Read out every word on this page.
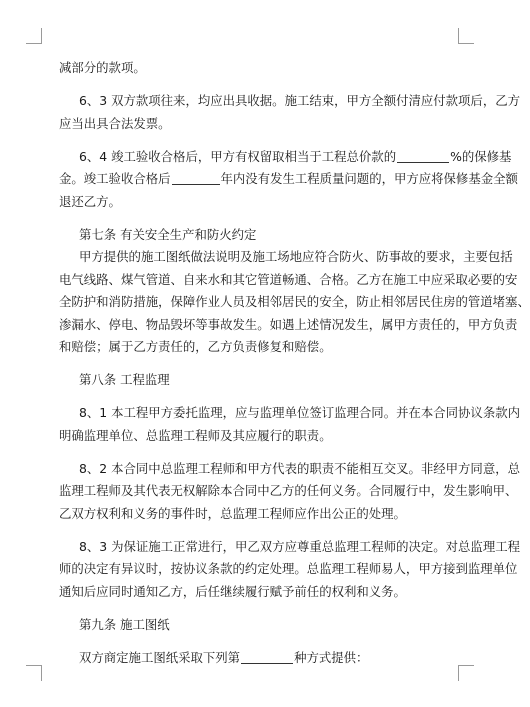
减部分的款项。
6、3 双方款项往来，均应出具收据。施工结束，甲方全额付清应付款项后，乙方
应当出具合法发票。
6、4 竣工验收合格后，甲方有权留取相当于工程总价款的	%的保修基
金。竣工验收合格后	年内没有发生工程质量问题的，甲方应将保修基金全额
退还乙方。
第七条 有关安全生产和防火约定
甲方提供的施工图纸做法说明及施工场地应符合防火、防事故的要求，主要包括
电气线路、煤气管道、自来水和其它管道畅通、合格。乙方在施工中应采取必要的安
全防护和消防措施，保障作业人员及相邻居民的安全，防止相邻居民住房的管道堵塞、
渗漏水、停电、物品毁坏等事故发生。如遇上述情况发生，属甲方责任的，甲方负责
和赔偿；属于乙方责任的，乙方负责修复和赔偿。
第八条 工程监理
8、1 本工程甲方委托监理，应与监理单位签订监理合同。并在本合同协议条款内
明确监理单位、总监理工程师及其应履行的职责。
8、2 本合同中总监理工程师和甲方代表的职责不能相互交叉。非经甲方同意，总
监理工程师及其代表无权解除本合同中乙方的任何义务。合同履行中，发生影响甲、
乙双方权利和义务的事件时，总监理工程师应作出公正的处理。
8、3 为保证施工正常进行，甲乙双方应尊重总监理工程师的决定。对总监理工程
师的决定有异议时，按协议条款的约定处理。总监理工程师易人，甲方接到监理单位
通知后应同时通知乙方，后任继续履行赋予前任的权利和义务。
第九条 施工图纸
双方商定施工图纸采取下列第	种方式提供：
